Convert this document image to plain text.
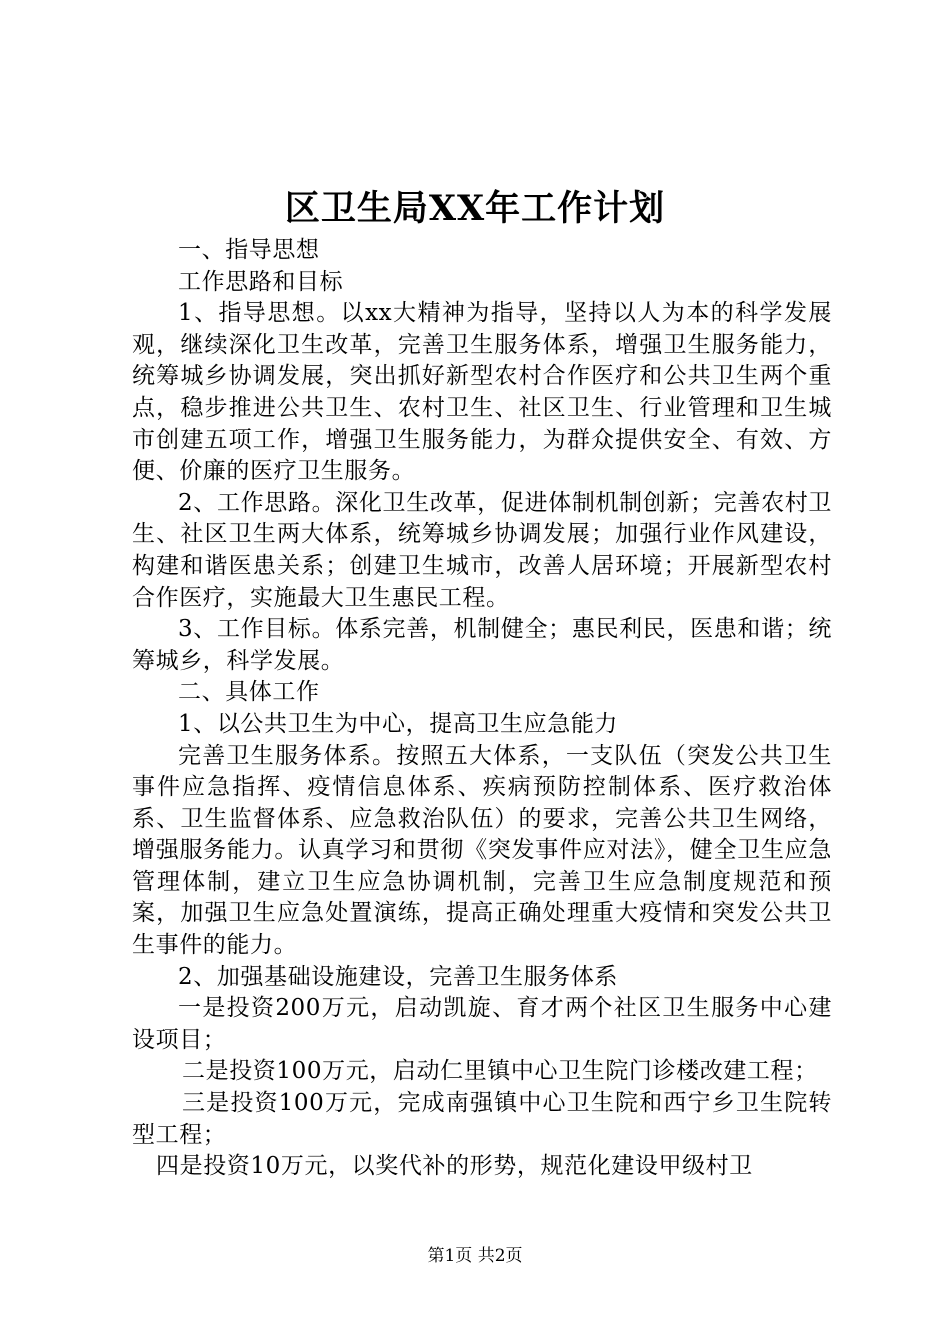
区卫生局XX年工作计划

一、指导思想

工作思路和目标

1、指导思想。以xx大精神为指导，坚持以人为本的科学发展观，继续深化卫生改革，完善卫生服务体系，增强卫生服务能力，统筹城乡协调发展，突出抓好新型农村合作医疗和公共卫生两个重点，稳步推进公共卫生、农村卫生、社区卫生、行业管理和卫生城市创建五项工作，增强卫生服务能力，为群众提供安全、有效、方便、价廉的医疗卫生服务。

2、工作思路。深化卫生改革，促进体制机制创新；完善农村卫生、社区卫生两大体系，统筹城乡协调发展；加强行业作风建设，构建和谐医患关系；创建卫生城市，改善人居环境；开展新型农村合作医疗，实施最大卫生惠民工程。

3、工作目标。体系完善，机制健全；惠民利民，医患和谐；统筹城乡，科学发展。

二、具体工作

1、以公共卫生为中心，提高卫生应急能力

完善卫生服务体系。按照五大体系，一支队伍（突发公共卫生事件应急指挥、疫情信息体系、疾病预防控制体系、医疗救治体系、卫生监督体系、应急救治队伍）的要求，完善公共卫生网络，增强服务能力。认真学习和贯彻《突发事件应对法》，健全卫生应急管理体制，建立卫生应急协调机制，完善卫生应急制度规范和预案，加强卫生应急处置演练，提高正确处理重大疫情和突发公共卫生事件的能力。

2、加强基础设施建设，完善卫生服务体系

一是投资200万元，启动凯旋、育才两个社区卫生服务中心建设项目；

二是投资100万元，启动仁里镇中心卫生院门诊楼改建工程；

三是投资100万元，完成南强镇中心卫生院和西宁乡卫生院转型工程；

四是投资10万元，以奖代补的形势，规范化建设甲级村卫

第1页 共2页
